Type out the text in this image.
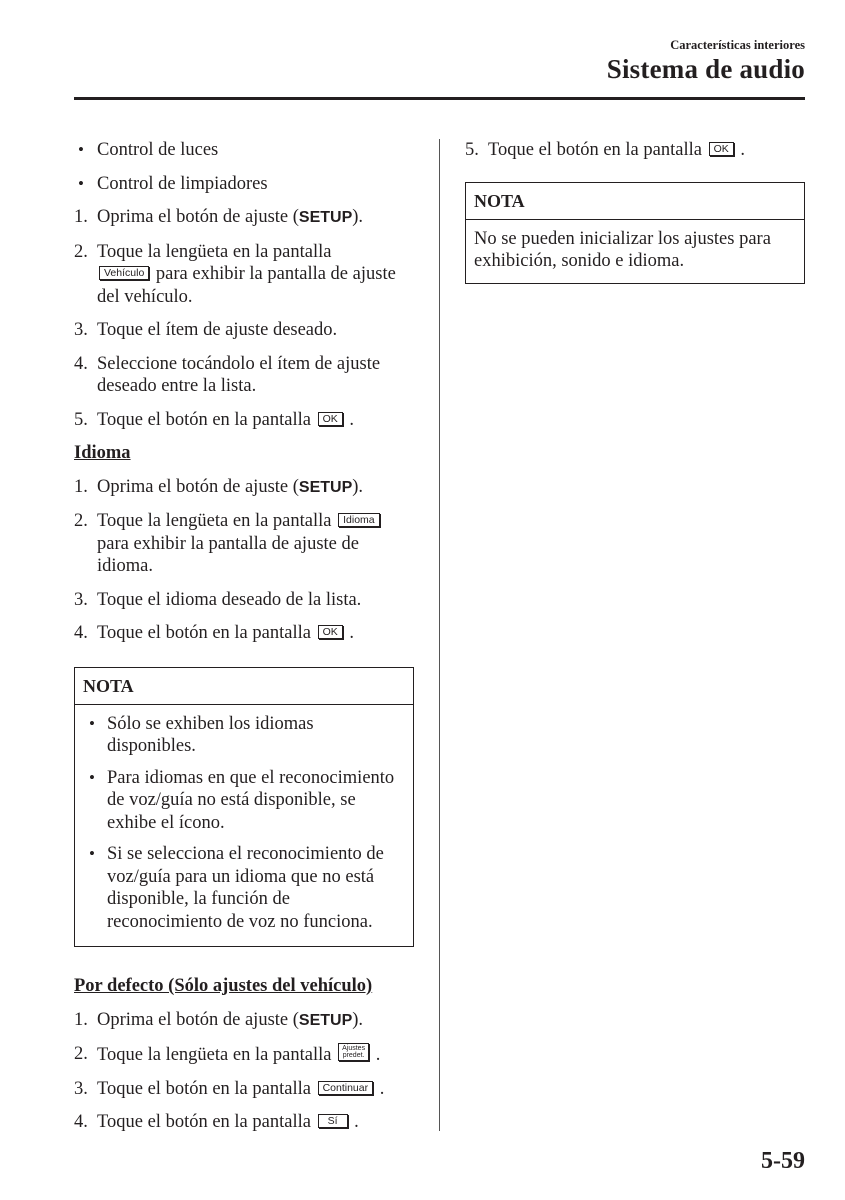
Características interiores
Sistema de audio
• Control de luces
• Control de limpiadores
1. Oprima el botón de ajuste (SETUP).
2. Toque la lengüeta en la pantalla
Vehículo para exhibir la pantalla de ajuste del vehículo.
3. Toque el ítem de ajuste deseado.
4. Seleccione tocándolo el ítem de ajuste deseado entre la lista.
5. Toque el botón en la pantalla OK .
Idioma
1. Oprima el botón de ajuste (SETUP).
2. Toque la lengüeta en la pantalla Idioma
para exhibir la pantalla de ajuste de idioma.
3. Toque el idioma deseado de la lista.
4. Toque el botón en la pantalla OK .
NOTA
• Sólo se exhiben los idiomas disponibles.
• Para idiomas en que el reconocimiento de voz/guía no está disponible, se exhibe el ícono.
• Si se selecciona el reconocimiento de voz/guía para un idioma que no está disponible, la función de reconocimiento de voz no funciona.
Por defecto (Sólo ajustes del vehículo)
1. Oprima el botón de ajuste (SETUP).
2. Toque la lengüeta en la pantalla Ajustes
predet. .
3. Toque el botón en la pantalla Continuar .
4. Toque el botón en la pantalla Sí .
5. Toque el botón en la pantalla OK .
NOTA
No se pueden inicializar los ajustes para exhibición, sonido e idioma.
5-59
